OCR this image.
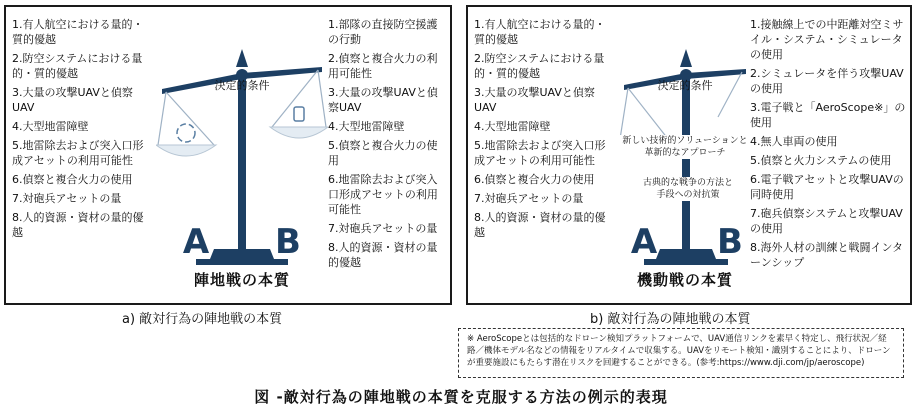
1.有人航空における量的・質的優越
2.防空システムにおける量的・質的優越
3.大量の攻撃UAVと偵察UAV
4.大型地雷障壁
5.地雷除去および突入口形成アセットの利用可能性
6.偵察と複合火力の使用
7.対砲兵アセットの量
8.人的資源・資材の量的優越	A B
決定的条件
陣地戦の本質
1.部隊の直接防空援護の行動
2.偵察と複合火力の利用可能性
3.大量の攻撃UAVと偵察UAV
4.大型地雷障壁
5.偵察と複合火力の使用
6.地雷除去および突入口形成アセットの利用可能性
7.対砲兵アセットの量
8.人的資源・資材の量的優越
1.有人航空における量的・質的優越
2.防空システムにおける量的・質的優越
3.大量の攻撃UAVと偵察UAV
4.大型地雷障壁
5.地雷除去および突入口形成アセットの利用可能性
6.偵察と複合火力の使用
7.対砲兵アセットの量
8.人的資源・資材の量的優越	A B
決定的条件
新しい技術的ソリューションと革新的なアプローチ
古典的な戦争の方法と手段への対抗策
機動戦の本質
1.接触線上での中距離対空ミサイル・システム・シミュレータの使用
2.シミュレータを伴う攻撃UAVの使用
3.電子戦と「AeroScope※」の使用
4.無人車両の使用
5.偵察と火力システムの使用
6.電子戦アセットと攻撃UAVの同時使用
7.砲兵偵察システムと攻撃UAVの使用
8.海外人材の訓練と戦闘インターンシップ
a) 敵対行為の陣地戦の本質	b) 敵対行為の陣地戦の本質
※ AeroScopeとは包括的なドローン検知プラットフォームで、UAV通信リンクを素早く特定し、飛行状況／経路／機体モデル名などの情報をリアルタイムで収集する。UAVをリモート検知・識別することにより、ドローンが重要施設にもたらす潜在リスクを回避することができる。(参考:https://www.dji.com/jp/aeroscope)
図 -敵対行為の陣地戦の本質を克服する方法の例示的表現
